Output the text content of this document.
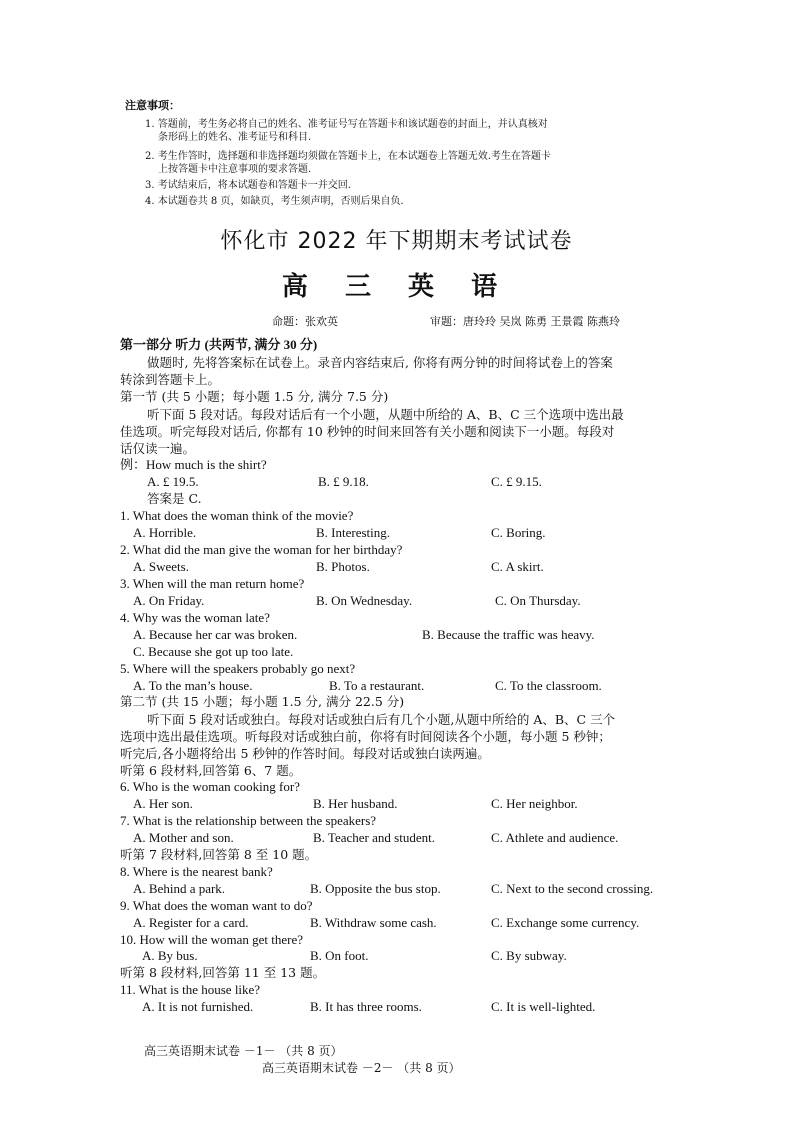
注意事项：
1. 答题前，考生务必将自己的姓名、准考证号写在答题卡和该试题卷的封面上，并认真核对
条形码上的姓名、准考证号和科目.
2. 考生作答时，选择题和非选择题均须做在答题卡上，在本试题卷上答题无效.考生在答题卡
上按答题卡中注意事项的要求答题.
3. 考试结束后，将本试题卷和答题卡一并交回.
4. 本试题卷共 8 页，如缺页，考生须声明，否则后果自负.
怀化市 2022 年下期期末考试试卷
高 三 英 语
命题：张欢英	审题：唐玲玲 吴岚 陈勇 王景霞 陈燕玲
第一部分 听力 (共两节, 满分 30 分)
做题时, 先将答案标在试卷上。录音内容结束后, 你将有两分钟的时间将试卷上的答案
转涂到答题卡上。
第一节 (共 5 小题；每小题 1.5 分, 满分 7.5 分)
听下面 5 段对话。每段对话后有一个小题，从题中所给的 A、B、C 三个选项中选出最
佳选项。听完每段对话后, 你都有 10 秒钟的时间来回答有关小题和阅读下一小题。每段对
话仅读一遍。
例：How much is the shirt?
A. £ 19.5.	B. £ 9.18.	C. £ 9.15.
答案是 C.
1. What does the woman think of the movie?
A. Horrible.	B. Interesting.	C. Boring.
2. What did the man give the woman for her birthday?
A. Sweets.	B. Photos.	C. A skirt.
3. When will the man return home?
A. On Friday.	B. On Wednesday.	C. On Thursday.
4. Why was the woman late?
A. Because her car was broken.	B. Because the traffic was heavy.
C. Because she got up too late.
5. Where will the speakers probably go next?
A. To the man’s house.	B. To a restaurant.	C. To the classroom.
第二节 (共 15 小题；每小题 1.5 分, 满分 22.5 分)
听下面 5 段对话或独白。每段对话或独白后有几个小题,从题中所给的 A、B、C 三个
选项中选出最佳选项。听每段对话或独白前，你将有时间阅读各个小题，每小题 5 秒钟；
听完后,各小题将给出 5 秒钟的作答时间。每段对话或独白读两遍。
听第 6 段材料,回答第 6、7 题。
6. Who is the woman cooking for?
A. Her son.	B. Her husband.	C. Her neighbor.
7. What is the relationship between the speakers?
A. Mother and son.	B. Teacher and student.	C. Athlete and audience.
听第 7 段材料,回答第 8 至 10 题。
8. Where is the nearest bank?
A. Behind a park.	B. Opposite the bus stop.	C. Next to the second crossing.
9. What does the woman want to do?
A. Register for a card.	B. Withdraw some cash.	C. Exchange some currency.
10. How will the woman get there?
A. By bus.	B. On foot.	C. By subway.
听第 8 段材料,回答第 11 至 13 题。
11. What is the house like?
A. It is not furnished.	B. It has three rooms.	C. It is well-lighted.
高三英语期末试卷 －1－ （共 8 页）
高三英语期末试卷 －2－ （共 8 页）
